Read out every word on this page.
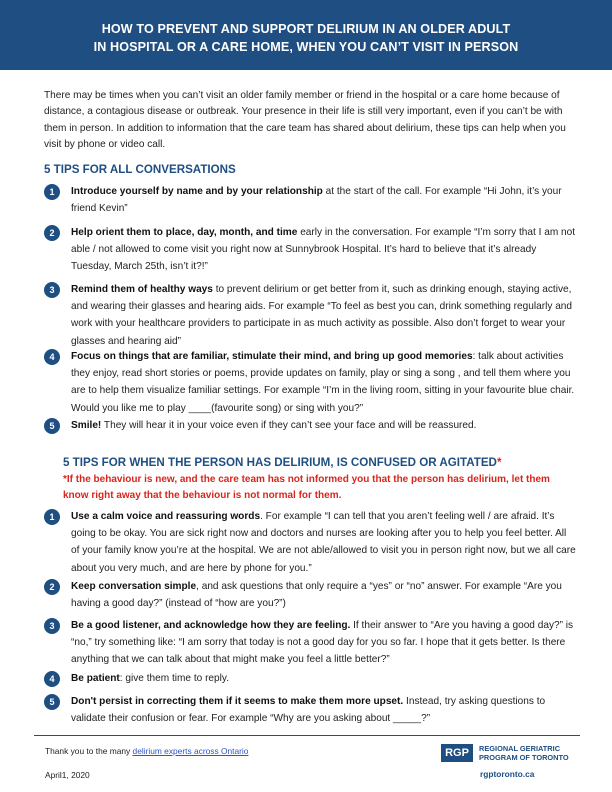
HOW TO PREVENT AND SUPPORT DELIRIUM IN AN OLDER ADULT
IN HOSPITAL OR A CARE HOME, WHEN YOU CAN’T VISIT IN PERSON
There may be times when you can’t visit an older family member or friend in the hospital or a care home because of distance, a contagious disease or outbreak. Your presence in their life is still very important, even if you can’t be with them in person. In addition to information that the care team has shared about delirium, these tips can help when you visit by phone or video call.
5 TIPS FOR ALL CONVERSATIONS
1	Introduce yourself by name and by your relationship at the start of the call. For example “Hi John, it’s your friend Kevin”
2	Help orient them to place, day, month, and time early in the conversation. For example “I’m sorry that I am not able / not allowed to come visit you right now at Sunnybrook Hospital. It’s hard to believe that it’s already Tuesday, March 25th, isn’t it?!”
3	Remind them of healthy ways to prevent delirium or get better from it, such as drinking enough, staying active, and wearing their glasses and hearing aids. For example “To feel as best you can, drink something regularly and work with your healthcare providers to participate in as much activity as possible. Also don’t forget to wear your glasses and hearing aid”
4	Focus on things that are familiar, stimulate their mind, and bring up good memories: talk about activities they enjoy, read short stories or poems, provide updates on family, play or sing a song , and tell them where you are to help them visualize familiar settings. For example “I’m in the living room, sitting in your favourite blue chair. Would you like me to play ____(favourite song) or sing with you?”
5	Smile! They will hear it in your voice even if they can’t see your face and will be reassured.
5 TIPS FOR WHEN THE PERSON HAS DELIRIUM, IS CONFUSED OR AGITATED*
*If the behaviour is new, and the care team has not informed you that the person has delirium, let them know right away that the behaviour is not normal for them.
1	Use a calm voice and reassuring words. For example “I can tell that you aren’t feeling well / are afraid. It’s going to be okay. You are sick right now and doctors and nurses are looking after you to help you feel better. All of your family know you’re at the hospital. We are not able/allowed to visit you in person right now, but we all care about you very much, and are here by phone for you.”
2	Keep conversation simple, and ask questions that only require a “yes” or “no” answer. For example “Are you having a good day?” (instead of “how are you?”)
3	Be a good listener, and acknowledge how they are feeling. If their answer to “Are you having a good day?” is “no,” try something like: “I am sorry that today is not a good day for you so far. I hope that it gets better. Is there anything that we can talk about that might make you feel a little better?”
4	Be patient: give them time to reply.
5	Don't persist in correcting them if it seems to make them more upset. Instead, try asking questions to validate their confusion or fear. For example “Why are you asking about _____?”
Thank you to the many delirium experts across Ontario
April1, 2020
RGP	REGIONAL GERIATRIC
PROGRAM OF TORONTO
rgptoronto.ca
